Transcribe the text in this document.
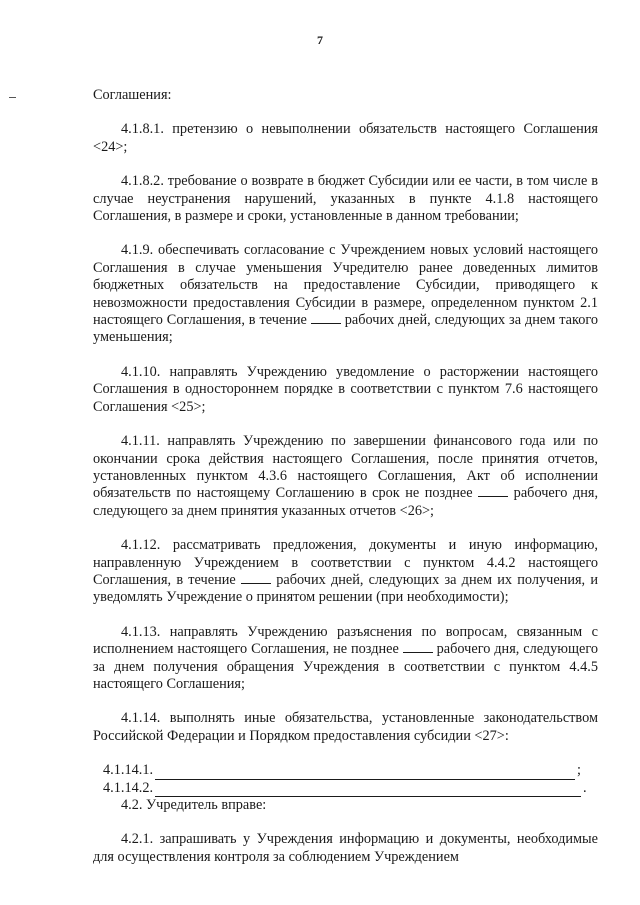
7

Соглашения:

4.1.8.1. претензию о невыполнении обязательств настоящего Соглашения <24>;

4.1.8.2. требование о возврате в бюджет Субсидии или ее части, в том числе в случае неустранения нарушений, указанных в пункте 4.1.8 настоящего Соглашения, в размере и сроки, установленные в данном требовании;

4.1.9. обеспечивать согласование с Учреждением новых условий настоящего Соглашения в случае уменьшения Учредителю ранее доведенных лимитов бюджетных обязательств на предоставление Субсидии, приводящего к невозможности предоставления Субсидии в размере, определенном пунктом 2.1 настоящего Соглашения, в течение	рабочих дней, следующих за днем такого уменьшения;

4.1.10. направлять Учреждению уведомление о расторжении настоящего Соглашения в одностороннем порядке в соответствии с пунктом 7.6 настоящего Соглашения <25>;

4.1.11. направлять Учреждению по завершении финансового года или по окончании срока действия настоящего Соглашения, после принятия отчетов, установленных пунктом 4.3.6 настоящего Соглашения, Акт об исполнении обязательств по настоящему Соглашению в срок не позднее	рабочего дня, следующего за днем принятия указанных отчетов <26>;

4.1.12. рассматривать предложения, документы и иную информацию, направленную Учреждением в соответствии с пунктом 4.4.2 настоящего Соглашения, в течение	рабочих дней, следующих за днем их получения, и уведомлять Учреждение о принятом решении (при необходимости);

4.1.13. направлять Учреждению разъяснения по вопросам, связанным с исполнением настоящего Соглашения, не позднее	рабочего дня, следующего за днем получения обращения Учреждения в соответствии с пунктом 4.4.5 настоящего Соглашения;

4.1.14. выполнять иные обязательства, установленные законодательством Российской Федерации и Порядком предоставления субсидии <27>:

4.1.14.1.	;
4.1.14.2.	.

4.2. Учредитель вправе:

4.2.1. запрашивать у Учреждения информацию и документы, необходимые для осуществления контроля за соблюдением Учреждением
